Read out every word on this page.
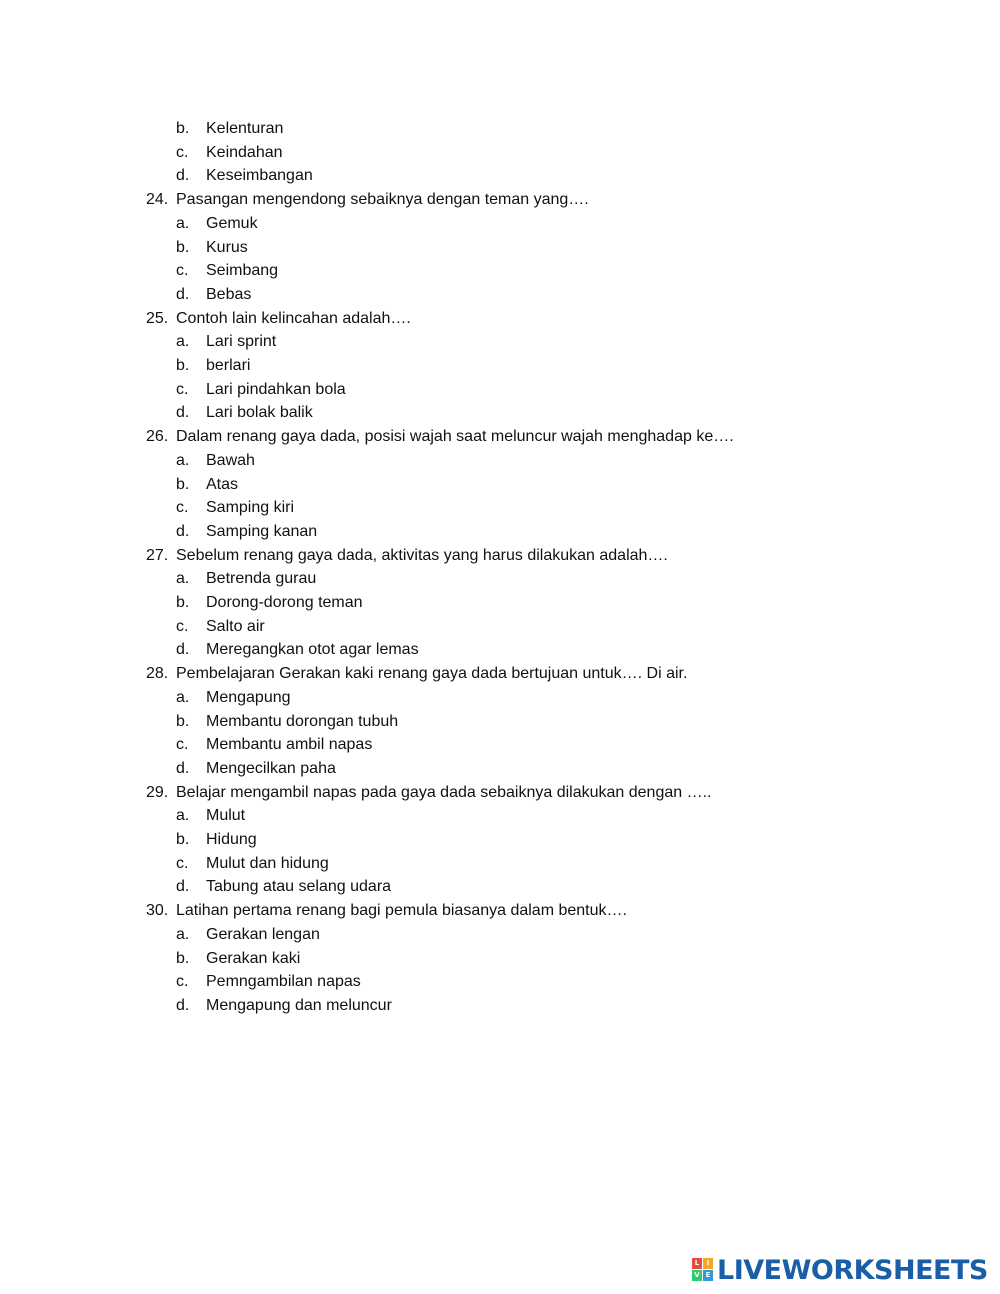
b. Kelenturan
c. Keindahan
d. Keseimbangan
24. Pasangan mengendong sebaiknya dengan teman yang….
a. Gemuk
b. Kurus
c. Seimbang
d. Bebas
25. Contoh lain kelincahan adalah….
a. Lari sprint
b. berlari
c. Lari pindahkan bola
d. Lari bolak balik
26. Dalam renang gaya dada, posisi wajah saat meluncur wajah menghadap ke….
a. Bawah
b. Atas
c. Samping kiri
d. Samping kanan
27. Sebelum renang gaya dada, aktivitas yang harus dilakukan adalah….
a. Betrenda gurau
b. Dorong-dorong teman
c. Salto air
d. Meregangkan otot agar lemas
28. Pembelajaran Gerakan kaki renang gaya dada bertujuan untuk…. Di air.
a. Mengapung
b. Membantu dorongan tubuh
c. Membantu ambil napas
d. Mengecilkan paha
29. Belajar mengambil napas pada gaya dada sebaiknya dilakukan dengan …..
a. Mulut
b. Hidung
c. Mulut dan hidung
d. Tabung atau selang udara
30. Latihan pertama renang bagi pemula biasanya dalam bentuk….
a. Gerakan lengan
b. Gerakan kaki
c. Pemngambilan napas
d. Mengapung dan meluncur
L	I
V E LIVEWORKSHEETS
